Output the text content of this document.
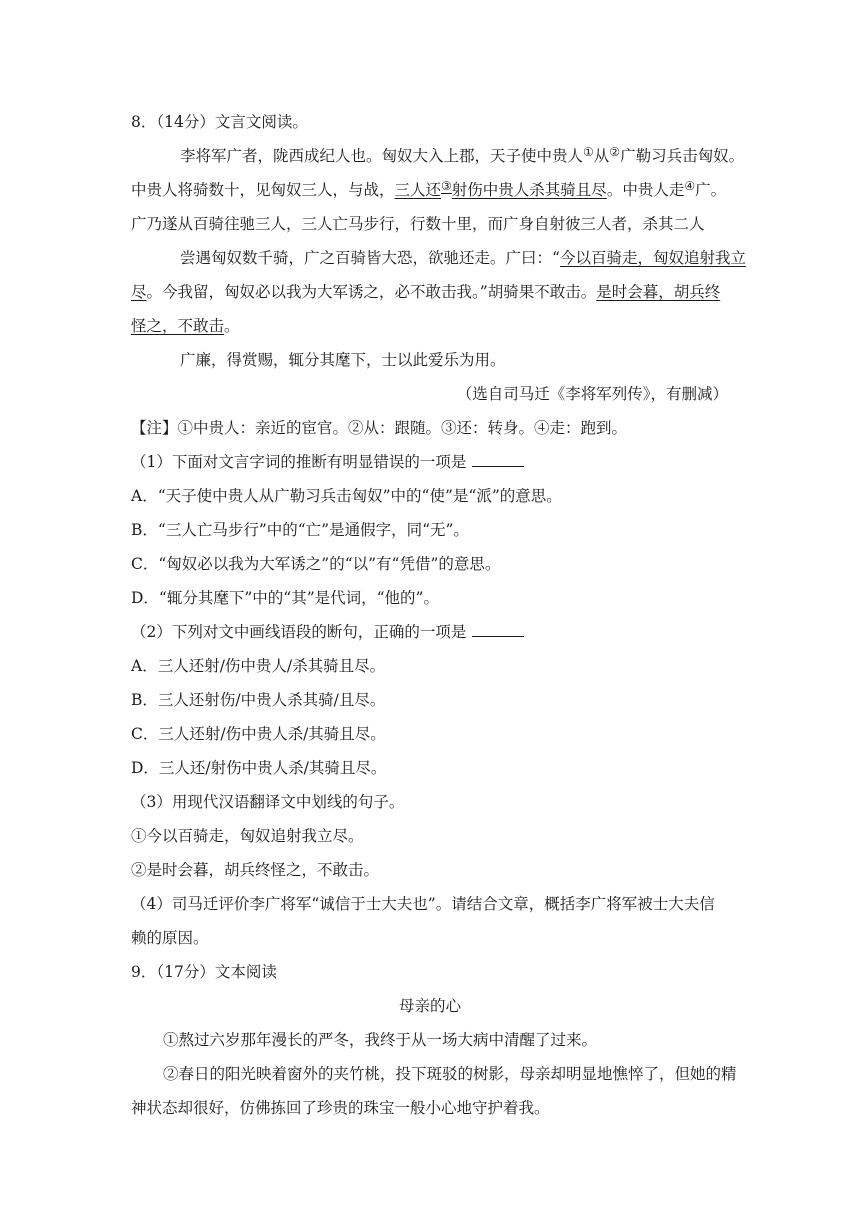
8．（14分）文言文阅读。
李将军广者，陇西成纪人也。匈奴大入上郡，天子使中贵人①从②广勒习兵击匈奴。
中贵人将骑数十，见匈奴三人，与战，三人还③射伤中贵人杀其骑且尽。中贵人走④广。
广乃遂从百骑往驰三人，三人亡马步行，行数十里，而广身自射彼三人者，杀其二人
尝遇匈奴数千骑，广之百骑皆大恐，欲驰还走。广曰：“今以百骑走，匈奴追射我立
尽。今我留，匈奴必以我为大军诱之，必不敢击我。”胡骑果不敢击。是时会暮，胡兵终
怪之，不敢击。
广廉，得赏赐，辄分其麾下，士以此爱乐为用。
（选自司马迁《李将军列传》，有删减）
【注】①中贵人：亲近的宦官。②从：跟随。③还：转身。④走：跑到。
（1）下面对文言字词的推断有明显错误的一项是
A．“天子使中贵人从广勒习兵击匈奴”中的“使”是“派”的意思。
B．“三人亡马步行”中的“亡”是通假字，同“无”。
C．“匈奴必以我为大军诱之”的“以”有“凭借”的意思。
D．“辄分其麾下”中的“其”是代词，“他的”。
（2）下列对文中画线语段的断句，正确的一项是
A．三人还射/伤中贵人/杀其骑且尽。
B．三人还射伤/中贵人杀其骑/且尽。
C．三人还射/伤中贵人杀/其骑且尽。
D．三人还/射伤中贵人杀/其骑且尽。
（3）用现代汉语翻译文中划线的句子。
①今以百骑走，匈奴追射我立尽。
②是时会暮，胡兵终怪之，不敢击。
（4）司马迁评价李广将军“诚信于士大夫也”。请结合文章，概括李广将军被士大夫信
赖的原因。
9．（17分）文本阅读
母亲的心
①熬过六岁那年漫长的严冬，我终于从一场大病中清醒了过来。
②春日的阳光映着窗外的夹竹桃，投下斑驳的树影，母亲却明显地憔悴了，但她的精
神状态却很好，仿佛拣回了珍贵的珠宝一般小心地守护着我。
